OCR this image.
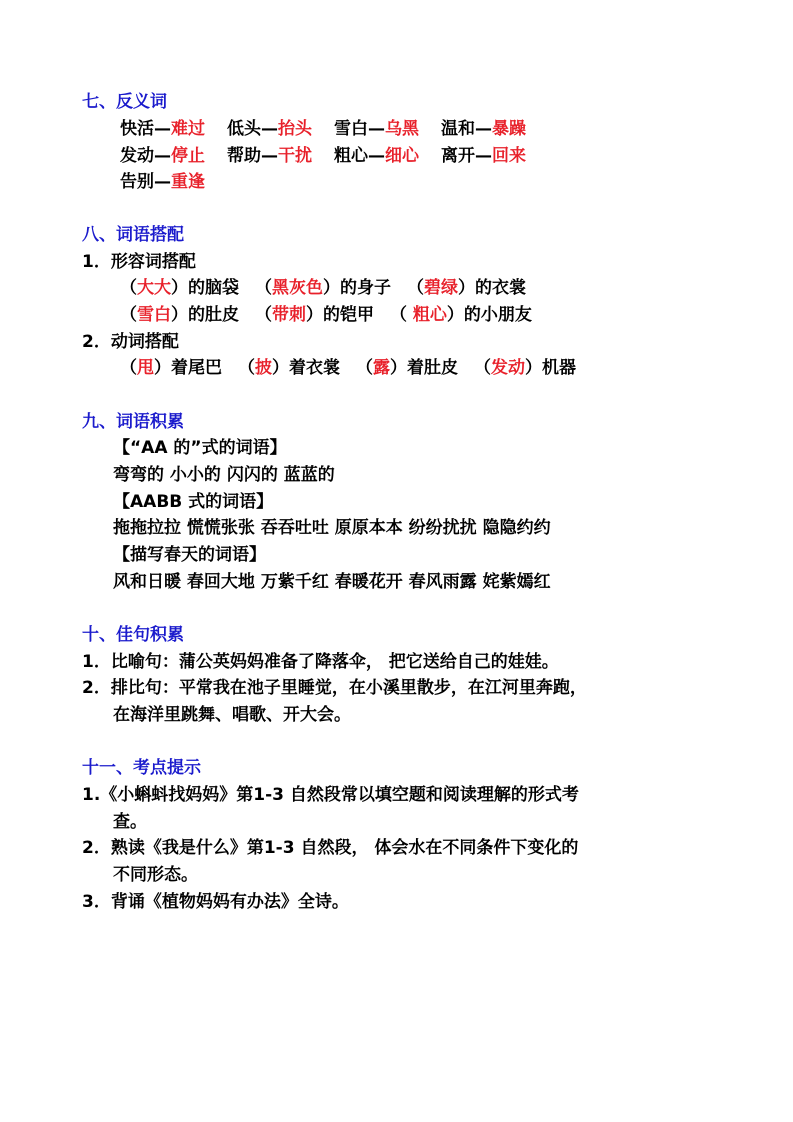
七、反义词
快活—难过 低头—抬头 雪白—乌黑 温和—暴躁
发动—停止 帮助—干扰 粗心—细心 离开—回来
告别—重逢
八、词语搭配
1．形容词搭配
（大大）的脑袋 （黑灰色）的身子 （碧绿）的衣裳
（雪白）的肚皮 （带刺）的铠甲 （ 粗心）的小朋友
2．动词搭配
（甩）着尾巴 （披）着衣裳 （露）着肚皮 （发动）机器
九、词语积累
【“AA 的”式的词语】
弯弯的 小小的 闪闪的 蓝蓝的
【AABB 式的词语】
拖拖拉拉 慌慌张张 吞吞吐吐 原原本本 纷纷扰扰 隐隐约约
【描写春天的词语】
风和日暖 春回大地 万紫千红 春暖花开 春风雨露 姹紫嫣红
十、佳句积累
1．比喻句：蒲公英妈妈准备了降落伞， 把它送给自己的娃娃。
2．排比句：平常我在池子里睡觉，在小溪里散步，在江河里奔跑，
在海洋里跳舞、唱歌、开大会。
十一、考点提示
1.《小蝌蚪找妈妈》第1-3 自然段常以填空题和阅读理解的形式考
查。
2．熟读《我是什么》第1-3 自然段， 体会水在不同条件下变化的
不同形态。
3．背诵《植物妈妈有办法》全诗。
